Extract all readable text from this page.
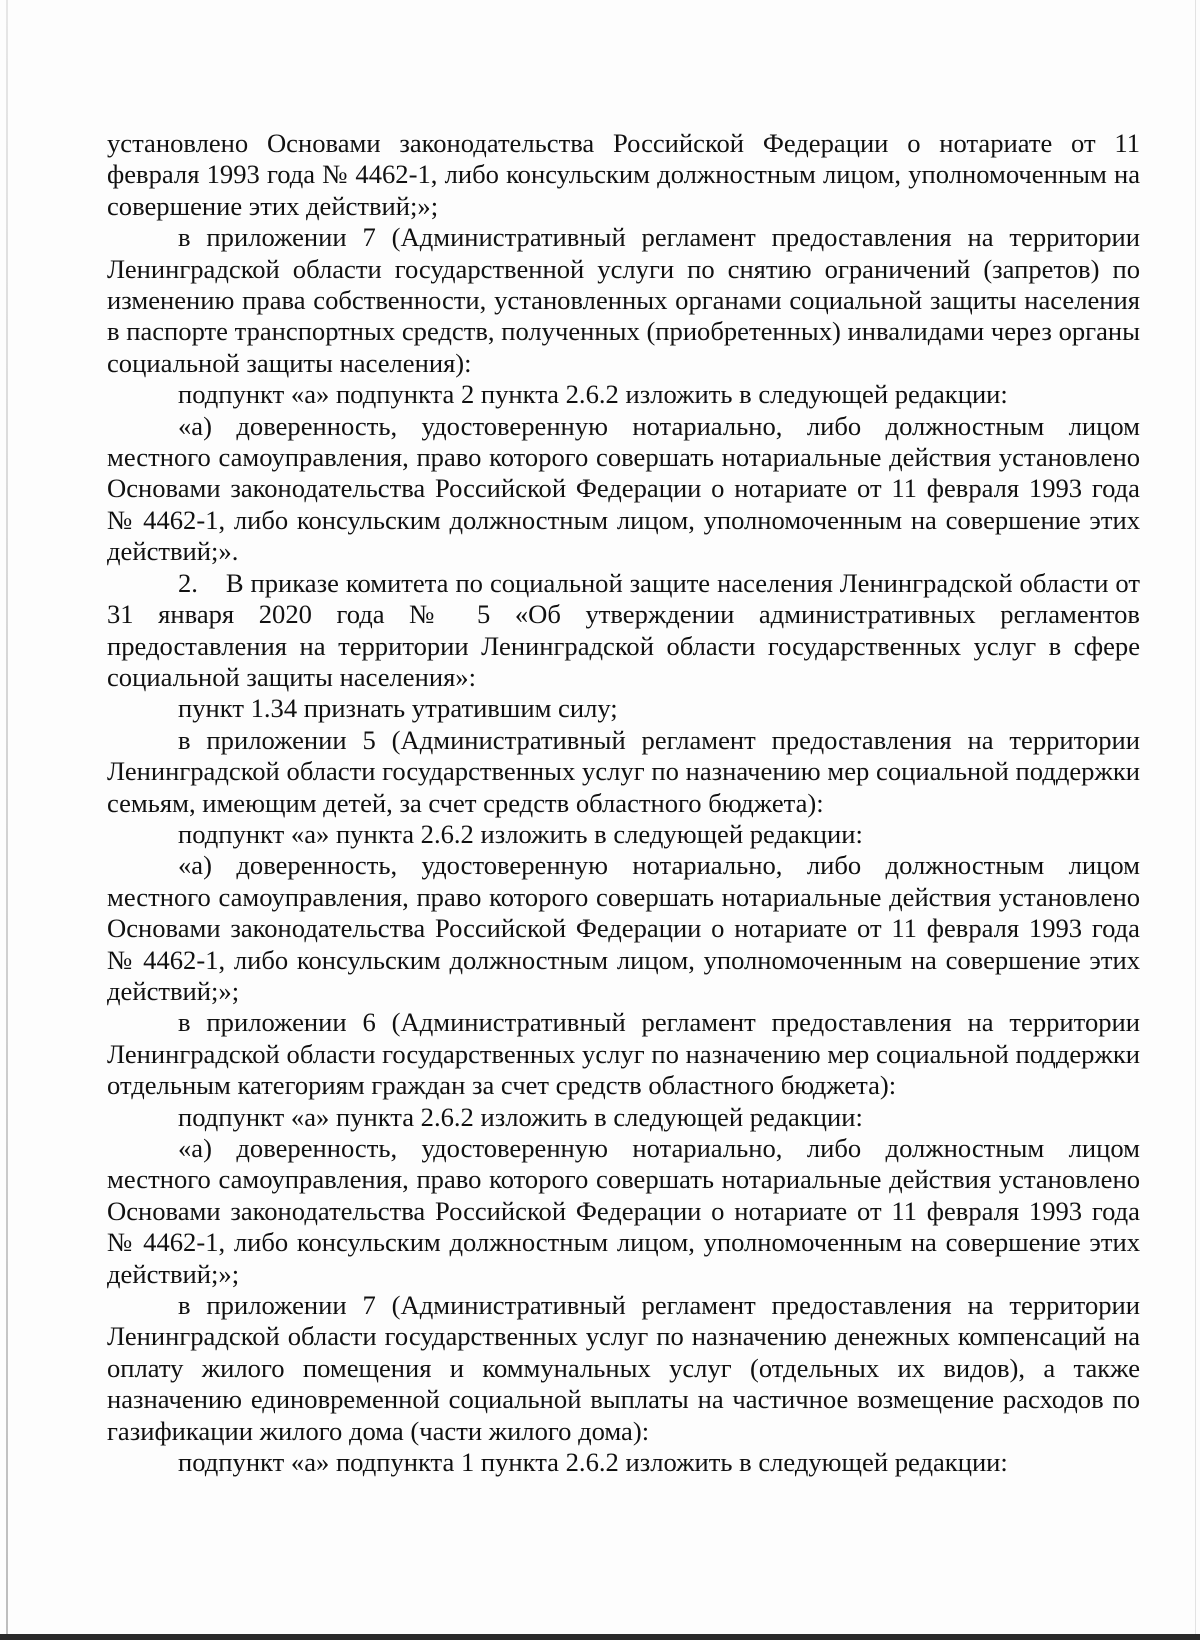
установлено Основами законодательства Российской Федерации о нотариате от 11 февраля 1993 года № 4462-1, либо консульским должностным лицом, уполномоченным на совершение этих действий;»;

в приложении 7 (Административный регламент предоставления на территории Ленинградской области государственной услуги по снятию ограничений (запретов) по изменению права собственности, установленных органами социальной защиты населения в паспорте транспортных средств, полученных (приобретенных) инвалидами через органы социальной защиты населения):

подпункт «а» подпункта 2 пункта 2.6.2 изложить в следующей редакции:

«а) доверенность, удостоверенную нотариально, либо должностным лицом местного самоуправления, право которого совершать нотариальные действия установлено Основами законодательства Российской Федерации о нотариате от 11 февраля 1993 года № 4462-1, либо консульским должностным лицом, уполномоченным на совершение этих действий;».

2.    В приказе комитета по социальной защите населения Ленинградской области от 31 января 2020 года № 5 «Об утверждении административных регламентов предоставления на территории Ленинградской области государственных услуг в сфере социальной защиты населения»:

пункт 1.34 признать утратившим силу;

в приложении 5 (Административный регламент предоставления на территории Ленинградской области государственных услуг по назначению мер социальной поддержки семьям, имеющим детей, за счет средств областного бюджета):

подпункт «а» пункта 2.6.2 изложить в следующей редакции:

«а) доверенность, удостоверенную нотариально, либо должностным лицом местного самоуправления, право которого совершать нотариальные действия установлено Основами законодательства Российской Федерации о нотариате от 11 февраля 1993 года № 4462-1, либо консульским должностным лицом, уполномоченным на совершение этих действий;»;

в приложении 6 (Административный регламент предоставления на территории Ленинградской области государственных услуг по назначению мер социальной поддержки отдельным категориям граждан за счет средств областного бюджета):

подпункт «а» пункта 2.6.2 изложить в следующей редакции:

«а) доверенность, удостоверенную нотариально, либо должностным лицом местного самоуправления, право которого совершать нотариальные действия установлено Основами законодательства Российской Федерации о нотариате от 11 февраля 1993 года № 4462-1, либо консульским должностным лицом, уполномоченным на совершение этих действий;»;

в приложении 7 (Административный регламент предоставления на территории Ленинградской области государственных услуг по назначению денежных компенсаций на оплату жилого помещения и коммунальных услуг (отдельных их видов), а также назначению единовременной социальной выплаты на частичное возмещение расходов по газификации жилого дома (части жилого дома):

подпункт «а» подпункта 1 пункта 2.6.2 изложить в следующей редакции:
